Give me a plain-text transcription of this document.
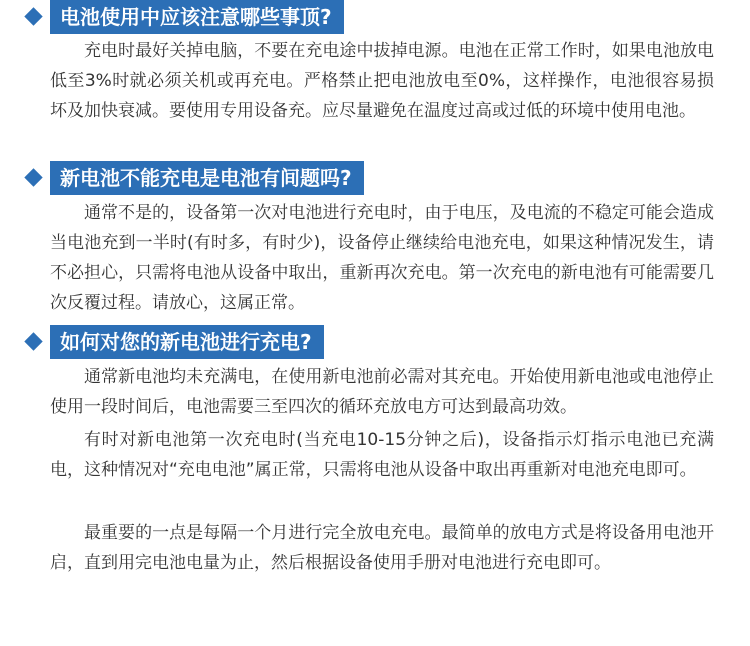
电池使用中应该注意哪些事顶?

充电时最好关掉电脑，不要在充电途中拔掉电源。电池在正常工作时，如果电池放电低至3%时就必须关机或再充电。严格禁止把电池放电至0%，这样操作，电池很容易损坏及加快衰减。要使用专用设备充。应尽量避免在温度过高或过低的环境中使用电池。

新电池不能充电是电池有间题吗?

通常不是的，设备第一次对电池进行充电时，由于电压，及电流的不稳定可能会造成当电池充到一半时(有时多，有时少)，设备停止继续给电池充电，如果这种情况发生，请不必担心，只需将电池从设备中取出，重新再次充电。第一次充电的新电池有可能需要几次反覆过程。请放心，这属正常。

如何对您的新电池进行充电?

通常新电池均未充满电，在使用新电池前必需对其充电。开始使用新电池或电池停止使用一段时间后，电池需要三至四次的循环充放电方可达到最高功效。

有时对新电池第一次充电时(当充电10-15分钟之后)，设备指示灯指示电池已充满电，这种情况对“充电电池”属正常，只需将电池从设备中取出再重新对电池充电即可。

最重要的一点是每隔一个月进行完全放电充电。最简单的放电方式是将设备用电池开启，直到用完电池电量为止，然后根据设备使用手册对电池进行充电即可。
